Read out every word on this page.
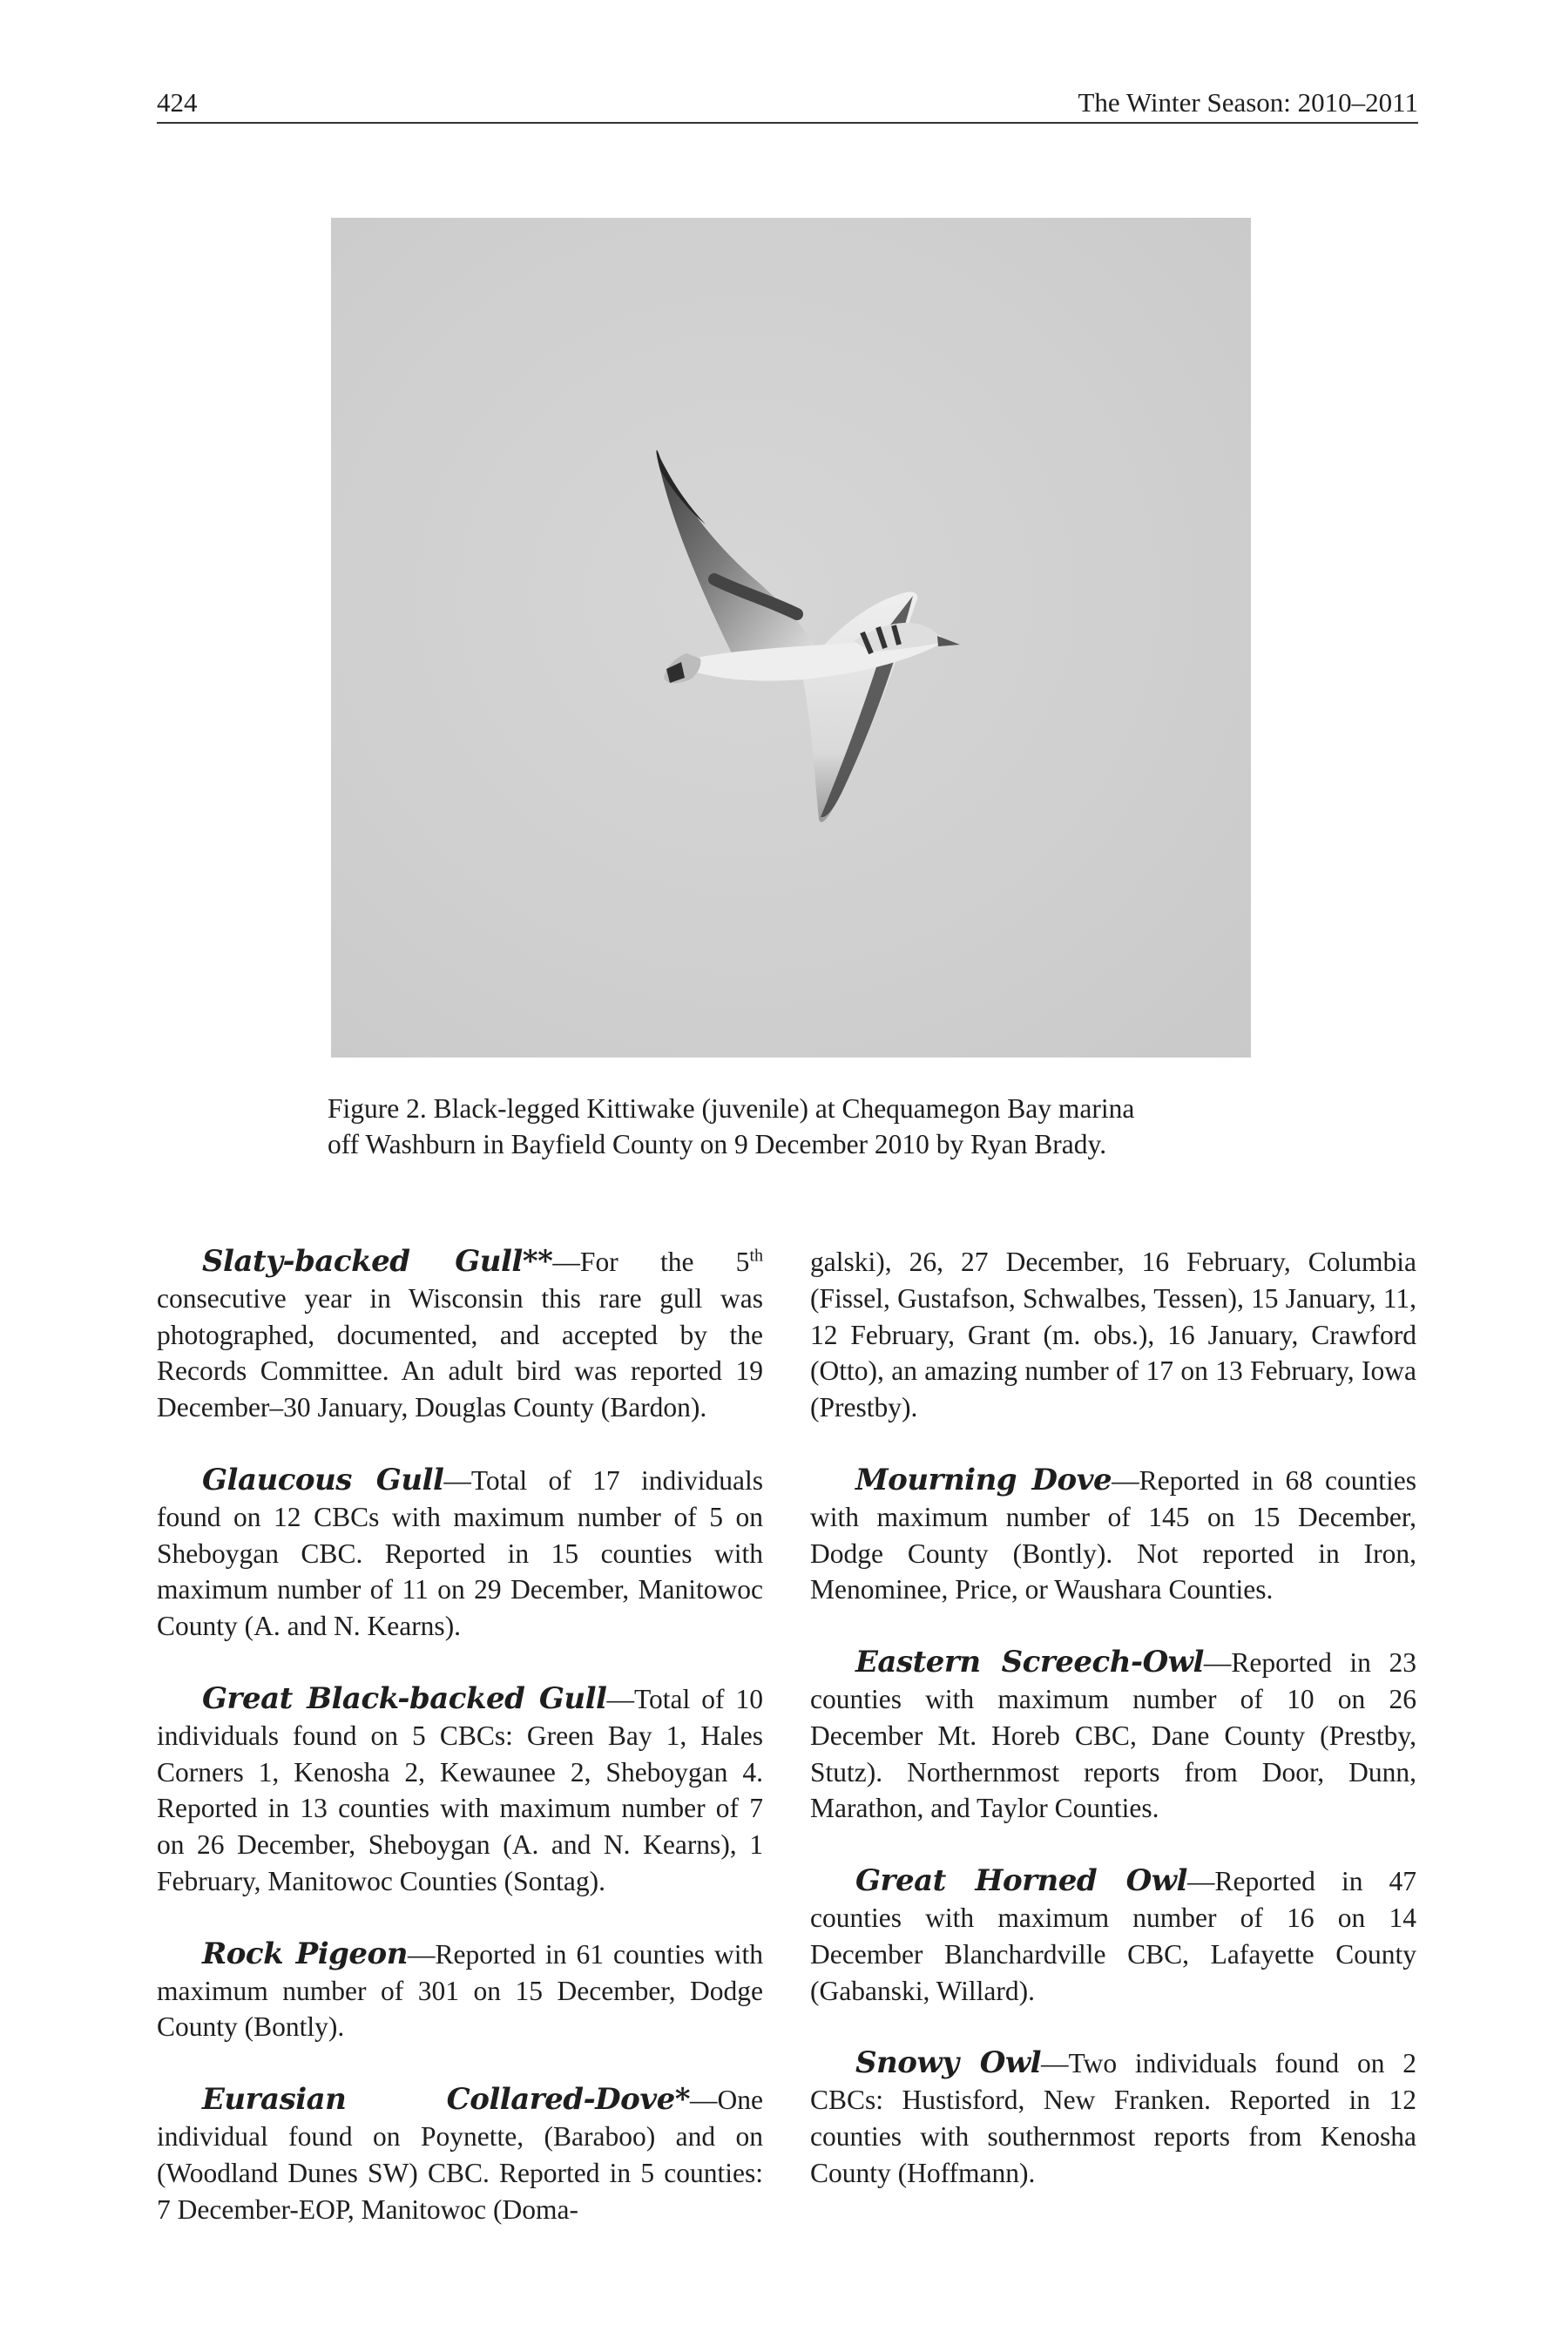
424	The Winter Season: 2010–2011
Figure 2. Black-legged Kittiwake (juvenile) at Chequamegon Bay marina
off Washburn in Bayfield County on 9 December 2010 by Ryan Brady.

Slaty-backed Gull**—For the 5th consecutive year in Wisconsin this rare gull was photographed, documented, and accepted by the Records Committee. An adult bird was reported 19 December–30 January, Douglas County (Bardon).

Glaucous Gull—Total of 17 individuals found on 12 CBCs with maximum number of 5 on Sheboygan CBC. Reported in 15 counties with maximum number of 11 on 29 December, Manitowoc County (A. and N. Kearns).

Great Black-backed Gull—Total of 10 individuals found on 5 CBCs: Green Bay 1, Hales Corners 1, Kenosha 2, Kewaunee 2, Sheboygan 4. Reported in 13 counties with maximum number of 7 on 26 December, Sheboygan (A. and N. Kearns), 1 February, Manitowoc Counties (Sontag).

Rock Pigeon—Reported in 61 counties with maximum number of 301 on 15 December, Dodge County (Bontly).

Eurasian Collared-Dove*—One individual found on Poynette, (Baraboo) and on (Woodland Dunes SW) CBC. Reported in 5 counties: 7 December-EOP, Manitowoc (Doma-

galski), 26, 27 December, 16 February, Columbia (Fissel, Gustafson, Schwalbes, Tessen), 15 January, 11, 12 February, Grant (m. obs.), 16 January, Crawford (Otto), an amazing number of 17 on 13 February, Iowa (Prestby).

Mourning Dove—Reported in 68 counties with maximum number of 145 on 15 December, Dodge County (Bontly). Not reported in Iron, Menominee, Price, or Waushara Counties.

Eastern Screech-Owl—Reported in 23 counties with maximum number of 10 on 26 December Mt. Horeb CBC, Dane County (Prestby, Stutz). Northernmost reports from Door, Dunn, Marathon, and Taylor Counties.

Great Horned Owl—Reported in 47 counties with maximum number of 16 on 14 December Blanchardville CBC, Lafayette County (Gabanski, Willard).

Snowy Owl—Two individuals found on 2 CBCs: Hustisford, New Franken. Reported in 12 counties with southernmost reports from Kenosha County (Hoffmann).
